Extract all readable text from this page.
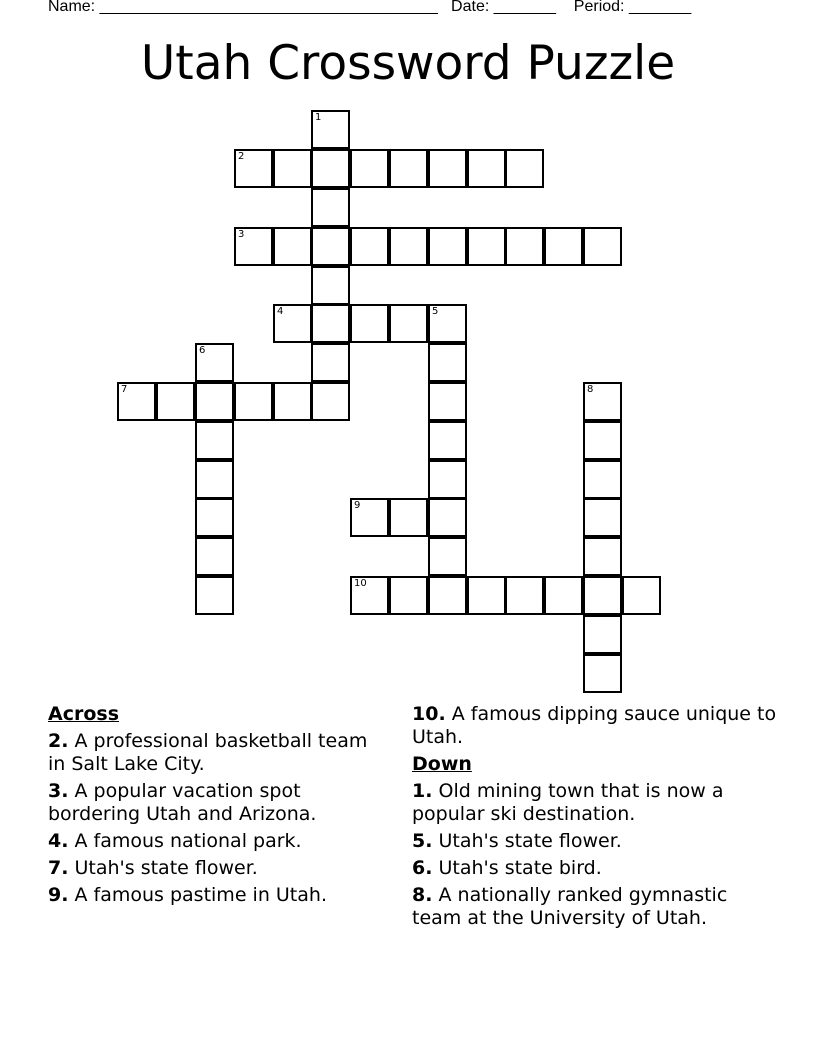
Name: ______________________________________   Date: _______    Period: _______
Utah Crossword Puzzle
1
2
3
4	5
6
7	8
9
10
Across
2. A professional basketball team in Salt Lake City.
3. A popular vacation spot bordering Utah and Arizona.
4. A famous national park.
7. Utah's state flower.
9. A famous pastime in Utah.
10. A famous dipping sauce unique to Utah.
Down
1. Old mining town that is now a popular ski destination.
5. Utah's state flower.
6. Utah's state bird.
8. A nationally ranked gymnastic team at the University of Utah.
